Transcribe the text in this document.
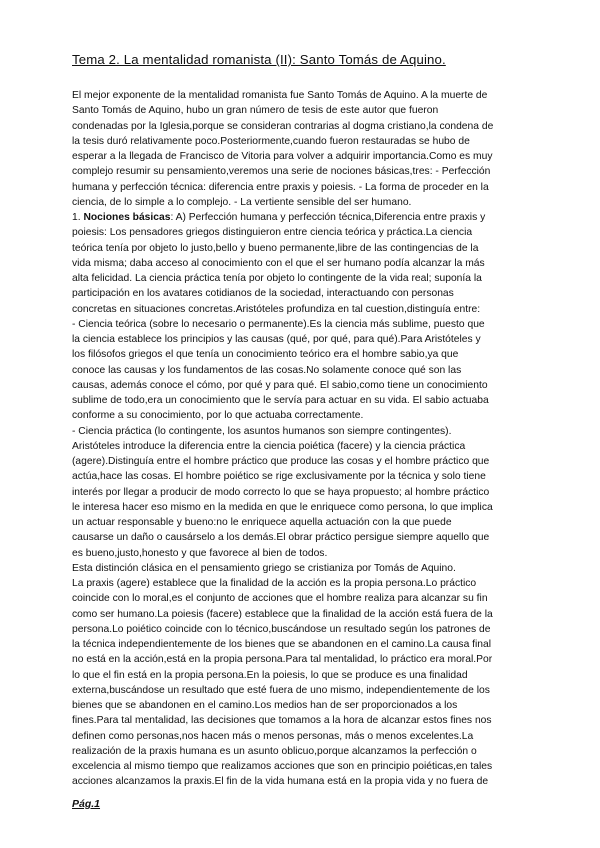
Tema 2. La mentalidad romanista (II): Santo Tomás de Aquino.
El mejor exponente de la mentalidad romanista fue Santo Tomás de Aquino. A la muerte de
Santo Tomás de Aquino, hubo un gran número de tesis de este autor que fueron
condenadas por la Iglesia,porque se consideran contrarias al dogma cristiano,la condena de
la tesis duró relativamente poco.Posteriormente,cuando fueron restauradas se hubo de
esperar a la llegada de Francisco de Vitoria para volver a adquirir importancia.Como es muy
complejo resumir su pensamiento,veremos una serie de nociones básicas,tres: - Perfección
humana y perfección técnica: diferencia entre praxis y poiesis. - La forma de proceder en la
ciencia, de lo simple a lo complejo. - La vertiente sensible del ser humano.
1. Nociones básicas: A) Perfección humana y perfección técnica,Diferencia entre praxis y
poiesis: Los pensadores griegos distinguieron entre ciencia teórica y práctica.La ciencia
teórica tenía por objeto lo justo,bello y bueno permanente,libre de las contingencias de la
vida misma; daba acceso al conocimiento con el que el ser humano podía alcanzar la más
alta felicidad. La ciencia práctica tenía por objeto lo contingente de la vida real; suponía la
participación en los avatares cotidianos de la sociedad, interactuando con personas
concretas en situaciones concretas.Aristóteles profundiza en tal cuestion,distinguía entre:
- Ciencia teórica (sobre lo necesario o permanente).Es la ciencia más sublime, puesto que
la ciencia establece los principios y las causas (qué, por qué, para qué).Para Aristóteles y
los filósofos griegos el que tenía un conocimiento teórico era el hombre sabio,ya que
conoce las causas y los fundamentos de las cosas.No solamente conoce qué son las
causas, además conoce el cómo, por qué y para qué. El sabio,como tiene un conocimiento
sublime de todo,era un conocimiento que le servía para actuar en su vida. El sabio actuaba
conforme a su conocimiento, por lo que actuaba correctamente.
- Ciencia práctica (lo contingente, los asuntos humanos son siempre contingentes).
Aristóteles introduce la diferencia entre la ciencia poiética (facere) y la ciencia práctica
(agere).Distinguía entre el hombre práctico que produce las cosas y el hombre práctico que
actúa,hace las cosas. El hombre poiético se rige exclusivamente por la técnica y solo tiene
interés por llegar a producir de modo correcto lo que se haya propuesto; al hombre práctico
le interesa hacer eso mismo en la medida en que le enriquece como persona, lo que implica
un actuar responsable y bueno:no le enriquece aquella actuación con la que puede
causarse un daño o causárselo a los demás.El obrar práctico persigue siempre aquello que
es bueno,justo,honesto y que favorece al bien de todos.
Esta distinción clásica en el pensamiento griego se cristianiza por Tomás de Aquino.
La praxis (agere) establece que la finalidad de la acción es la propia persona.Lo práctico
coincide con lo moral,es el conjunto de acciones que el hombre realiza para alcanzar su fin
como ser humano.La poiesis (facere) establece que la finalidad de la acción está fuera de la
persona.Lo poiético coincide con lo técnico,buscándose un resultado según los patrones de
la técnica independientemente de los bienes que se abandonen en el camino.La causa final
no está en la acción,está en la propia persona.Para tal mentalidad, lo práctico era moral.Por
lo que el fin está en la propia persona.En la poiesis, lo que se produce es una finalidad
externa,buscándose un resultado que esté fuera de uno mismo, independientemente de los
bienes que se abandonen en el camino.Los medios han de ser proporcionados a los
fines.Para tal mentalidad, las decisiones que tomamos a la hora de alcanzar estos fines nos
definen como personas,nos hacen más o menos personas, más o menos excelentes.La
realización de la praxis humana es un asunto oblicuo,porque alcanzamos la perfección o
excelencia al mismo tiempo que realizamos acciones que son en principio poiéticas,en tales
acciones alcanzamos la praxis.El fin de la vida humana está en la propia vida y no fuera de
Pág.1
